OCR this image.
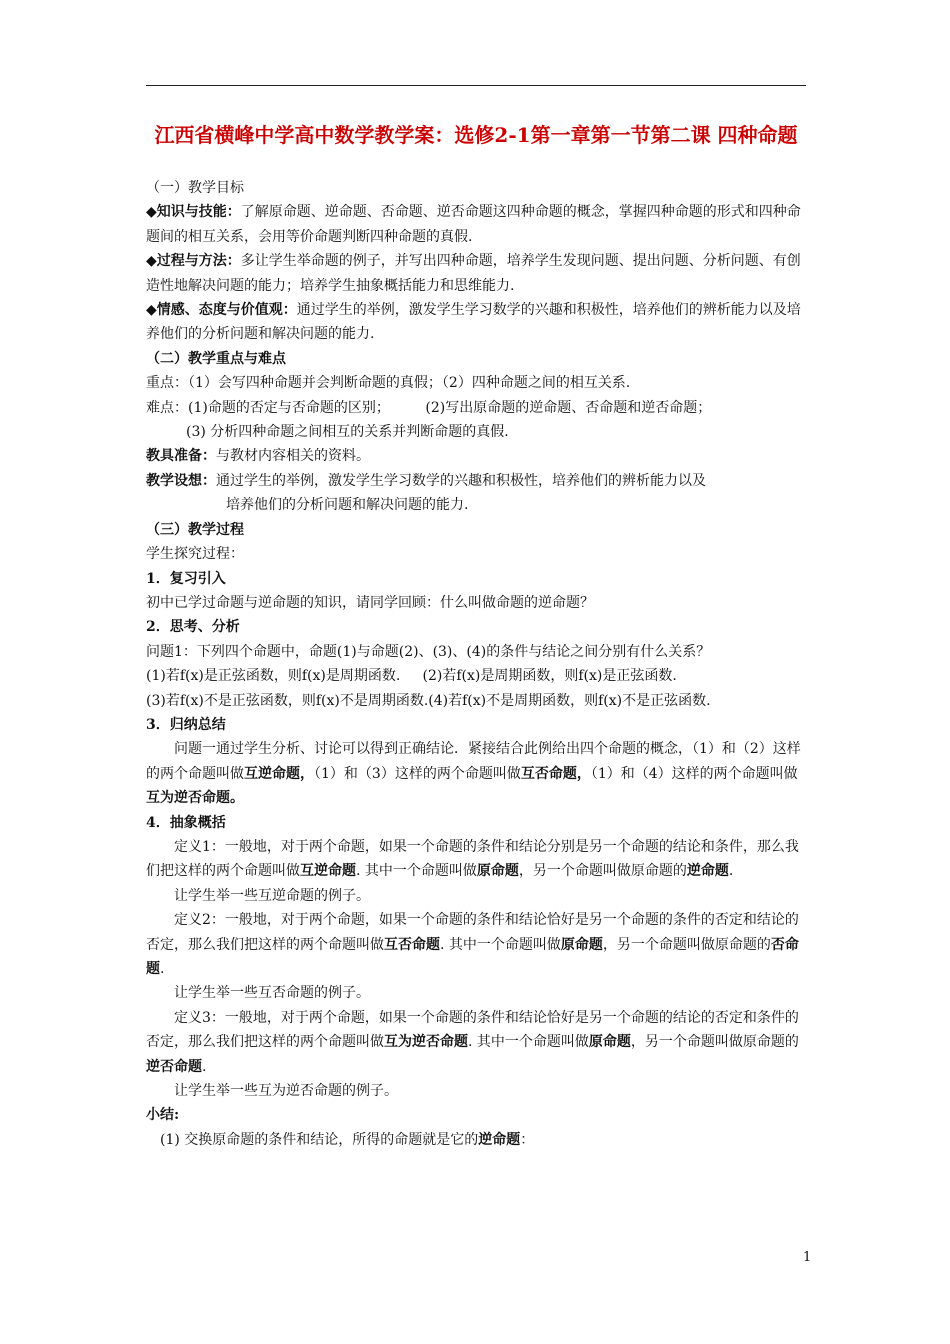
江西省横峰中学高中数学教学案：选修2-1第一章第一节第二课 四种命题

（一）教学目标

◆知识与技能：了解原命题、逆命题、否命题、逆否命题这四种命题的概念，掌握四种命题的形式和四种命题间的相互关系，会用等价命题判断四种命题的真假.

◆过程与方法：多让学生举命题的例子，并写出四种命题，培养学生发现问题、提出问题、分析问题、有创造性地解决问题的能力；培养学生抽象概括能力和思维能力.

◆情感、态度与价值观：通过学生的举例，激发学生学习数学的兴趣和积极性，培养他们的辨析能力以及培养他们的分析问题和解决问题的能力.

（二）教学重点与难点

重点：（1）会写四种命题并会判断命题的真假；（2）四种命题之间的相互关系.

难点：(1)命题的否定与否命题的区别；        (2)写出原命题的逆命题、否命题和逆否命题；

(3) 分析四种命题之间相互的关系并判断命题的真假.

教具准备：与教材内容相关的资料。

教学设想：通过学生的举例，激发学生学习数学的兴趣和积极性，培养他们的辨析能力以及

培养他们的分析问题和解决问题的能力.

（三）教学过程

学生探究过程：

1．复习引入

初中已学过命题与逆命题的知识，请同学回顾：什么叫做命题的逆命题？

2．思考、分析

问题1：下列四个命题中，命题(1)与命题(2)、(3)、(4)的条件与结论之间分别有什么关系？

(1)若f(x)是正弦函数，则f(x)是周期函数.     (2)若f(x)是周期函数，则f(x)是正弦函数.

(3)若f(x)不是正弦函数，则f(x)不是周期函数.(4)若f(x)不是周期函数，则f(x)不是正弦函数.

3．归纳总结

问题一通过学生分析、讨论可以得到正确结论．紧接结合此例给出四个命题的概念，（1）和（2）这样的两个命题叫做互逆命题，（1）和（3）这样的两个命题叫做互否命题，（1）和（4）这样的两个命题叫做互为逆否命题。

4．抽象概括

定义1：一般地，对于两个命题，如果一个命题的条件和结论分别是另一个命题的结论和条件，那么我们把这样的两个命题叫做互逆命题. 其中一个命题叫做原命题，另一个命题叫做原命题的逆命题.

让学生举一些互逆命题的例子。

定义2：一般地，对于两个命题，如果一个命题的条件和结论恰好是另一个命题的条件的否定和结论的否定，那么我们把这样的两个命题叫做互否命题. 其中一个命题叫做原命题，另一个命题叫做原命题的否命题.

让学生举一些互否命题的例子。

定义3：一般地，对于两个命题，如果一个命题的条件和结论恰好是另一个命题的结论的否定和条件的否定，那么我们把这样的两个命题叫做互为逆否命题. 其中一个命题叫做原命题，另一个命题叫做原命题的逆否命题.

让学生举一些互为逆否命题的例子。

小结:

(1) 交换原命题的条件和结论，所得的命题就是它的逆命题：

1
